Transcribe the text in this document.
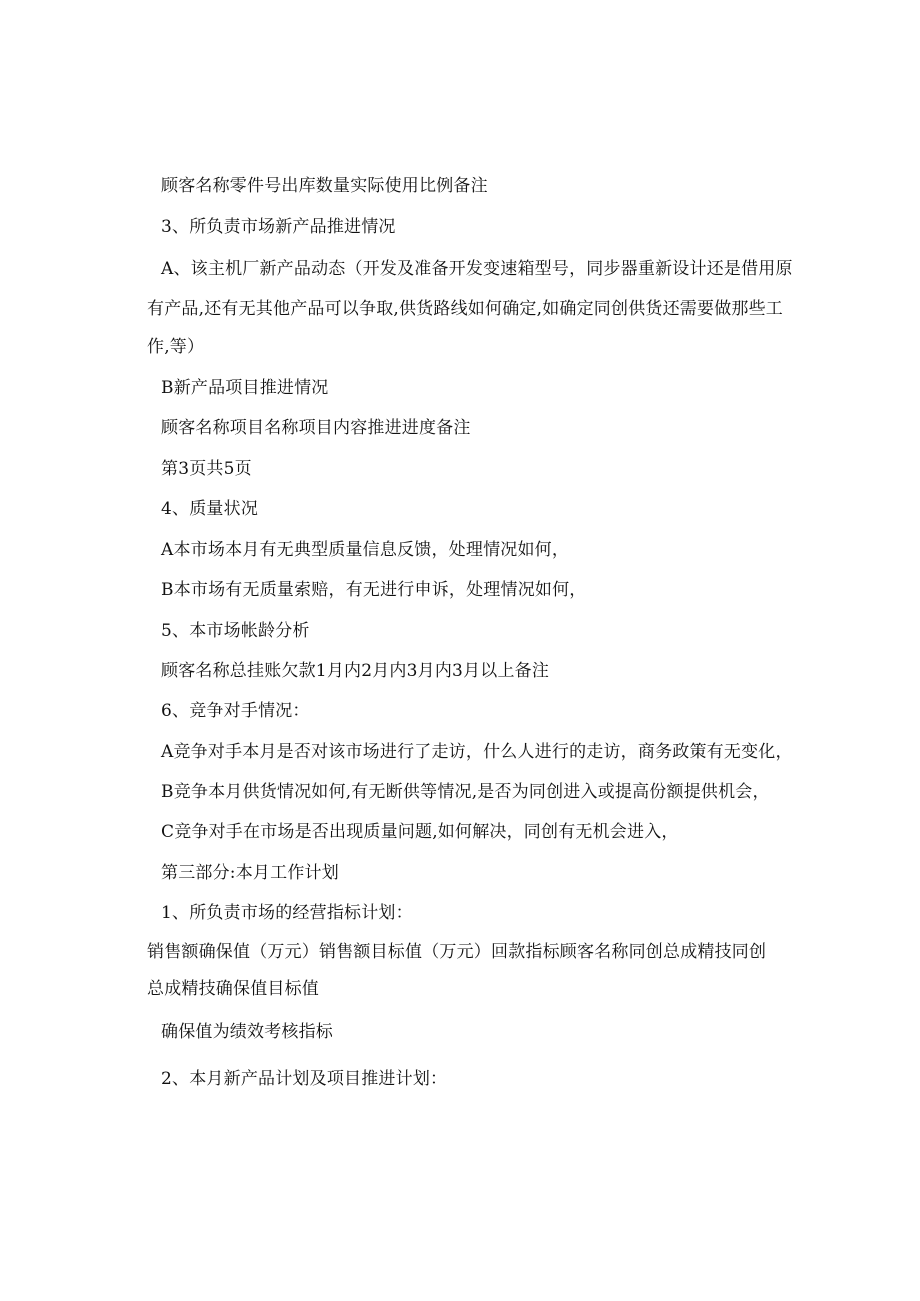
顾客名称零件号出库数量实际使用比例备注
3、所负责市场新产品推进情况
A、该主机厂新产品动态（开发及准备开发变速箱型号，同步器重新设计还是借用原
有产品,还有无其他产品可以争取,供货路线如何确定,如确定同创供货还需要做那些工
作,等）
B新产品项目推进情况
顾客名称项目名称项目内容推进进度备注
第3页共5页
4、质量状况
A本市场本月有无典型质量信息反馈，处理情况如何，
B本市场有无质量索赔，有无进行申诉，处理情况如何，
5、本市场帐龄分析
顾客名称总挂账欠款1月内2月内3月内3月以上备注
6、竞争对手情况：
A竞争对手本月是否对该市场进行了走访，什么人进行的走访，商务政策有无变化，
B竞争本月供货情况如何,有无断供等情况,是否为同创进入或提高份额提供机会，
C竞争对手在市场是否出现质量问题,如何解决，同创有无机会进入，
第三部分:本月工作计划
1、所负责市场的经营指标计划：
销售额确保值（万元）销售额目标值（万元）回款指标顾客名称同创总成精技同创
总成精技确保值目标值
确保值为绩效考核指标
2、本月新产品计划及项目推进计划：
